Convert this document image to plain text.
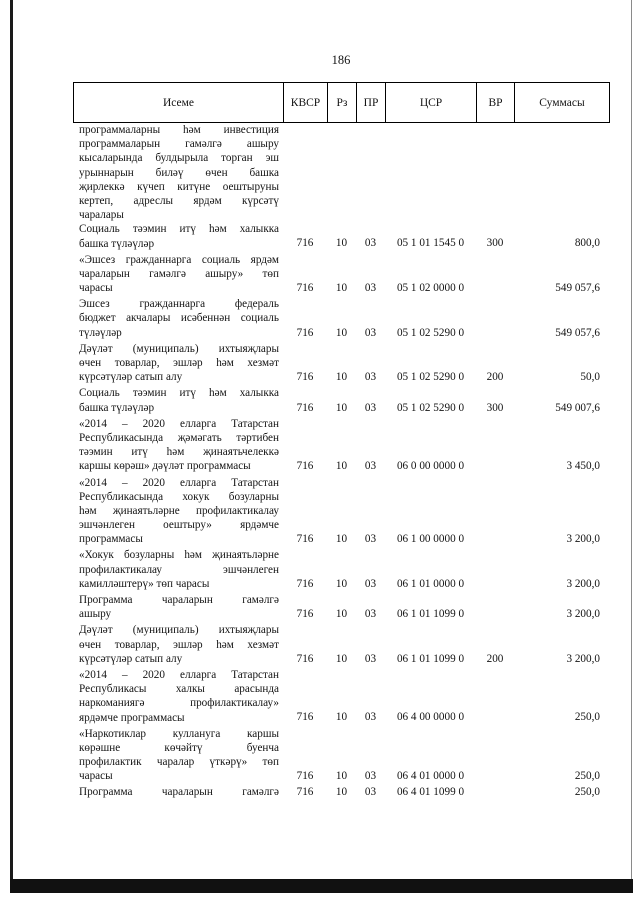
186
Исеме	КВСР	Рз	ПР	ЦСР	ВР	Суммасы
программаларны һәм инвестиция
программаларын гамәлгә ашыру
кысаларында булдырыла торган эш
урыннарын биләү өчен башка
җирлеккә күчеп китүне оештыруны
кертеп, адреслы ярдәм күрсәтү
чаралары
Социаль тәэмин итү һәм халыкка
башка түләүләр	716	10	03	05 1 01 1545 0	300	800,0
«Эшсез гражданнарга социаль ярдәм
чараларын гамәлгә ашыру» төп
чарасы	716	10	03	05 1 02 0000 0	549 057,6
Эшсез гражданнарга федераль
бюджет акчалары исәбеннән социаль
түләүләр	716	10	03	05 1 02 5290 0	549 057,6
Дәүләт (муниципаль) ихтыяҗлары
өчен товарлар, эшләр һәм хезмәт
күрсәтүләр сатып алу	716	10	03	05 1 02 5290 0	200	50,0
Социаль тәэмин итү һәм халыкка
башка түләүләр	716	10	03	05 1 02 5290 0	300	549 007,6
«2014 – 2020 елларга Татарстан
Республикасында җәмәгать тәртибен
тәэмин итү һәм җинаятьчелеккә
каршы көрәш» дәүләт программасы	716	10	03	06 0 00 0000 0	3 450,0
«2014 – 2020 елларга Татарстан
Республикасында хокук бозуларны
һәм җинаятьләрне профилактикалау
эшчәнлеген оештыру» ярдәмче
программасы	716	10	03	06 1 00 0000 0	3 200,0
«Хокук бозуларны һәм җинаятьләрне
профилактикалау эшчәнлеген
камилләштерү» төп чарасы	716	10	03	06 1 01 0000 0	3 200,0
Программа чараларын гамәлгә
ашыру	716	10	03	06 1 01 1099 0	3 200,0
Дәүләт (муниципаль) ихтыяҗлары
өчен товарлар, эшләр һәм хезмәт
күрсәтүләр сатып алу	716	10	03	06 1 01 1099 0	200	3 200,0
«2014 – 2020 елларга Татарстан
Республикасы халкы арасында
наркоманиягә профилактикалау»
ярдәмче программасы	716	10	03	06 4 00 0000 0	250,0
«Наркотиклар куллануга каршы
көрәшне көчәйтү буенча
профилактик чаралар үткәрү» төп
чарасы	716	10	03	06 4 01 0000 0	250,0
Программа чараларын гамәлгә	716	10	03	06 4 01 1099 0	250,0
